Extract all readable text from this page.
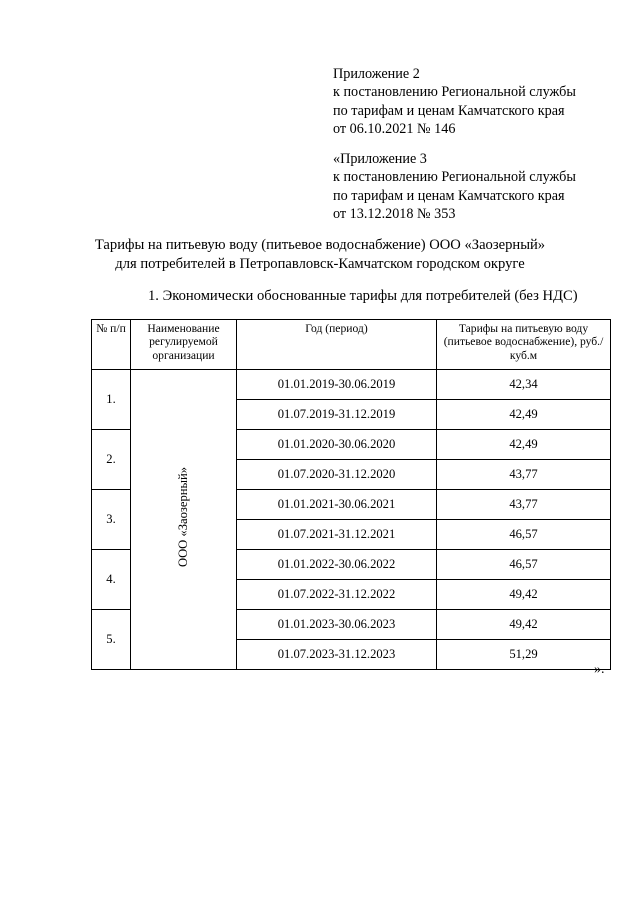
Приложение 2
к постановлению Региональной службы
по тарифам и ценам Камчатского края
от 06.10.2021 № 146
«Приложение 3
к постановлению Региональной службы
по тарифам и ценам Камчатского края
от 13.12.2018 № 353
Тарифы на питьевую воду (питьевое водоснабжение) ООО «Заозерный»
для потребителей в Петропавловск-Камчатском городском округе
1. Экономически обоснованные тарифы для потребителей (без НДС)
№ п/п	Наименование регулируемой организации	Год (период)	Тарифы на питьевую воду (питьевое водоснабжение), руб./куб.м
1.	ООО «Заозерный»	01.01.2019-30.06.2019	42,34
		01.07.2019-31.12.2019	42,49
2.		01.01.2020-30.06.2020	42,49
		01.07.2020-31.12.2020	43,77
3.		01.01.2021-30.06.2021	43,77
		01.07.2021-31.12.2021	46,57
4.		01.01.2022-30.06.2022	46,57
		01.07.2022-31.12.2022	49,42
5.		01.01.2023-30.06.2023	49,42
		01.07.2023-31.12.2023	51,29
».
